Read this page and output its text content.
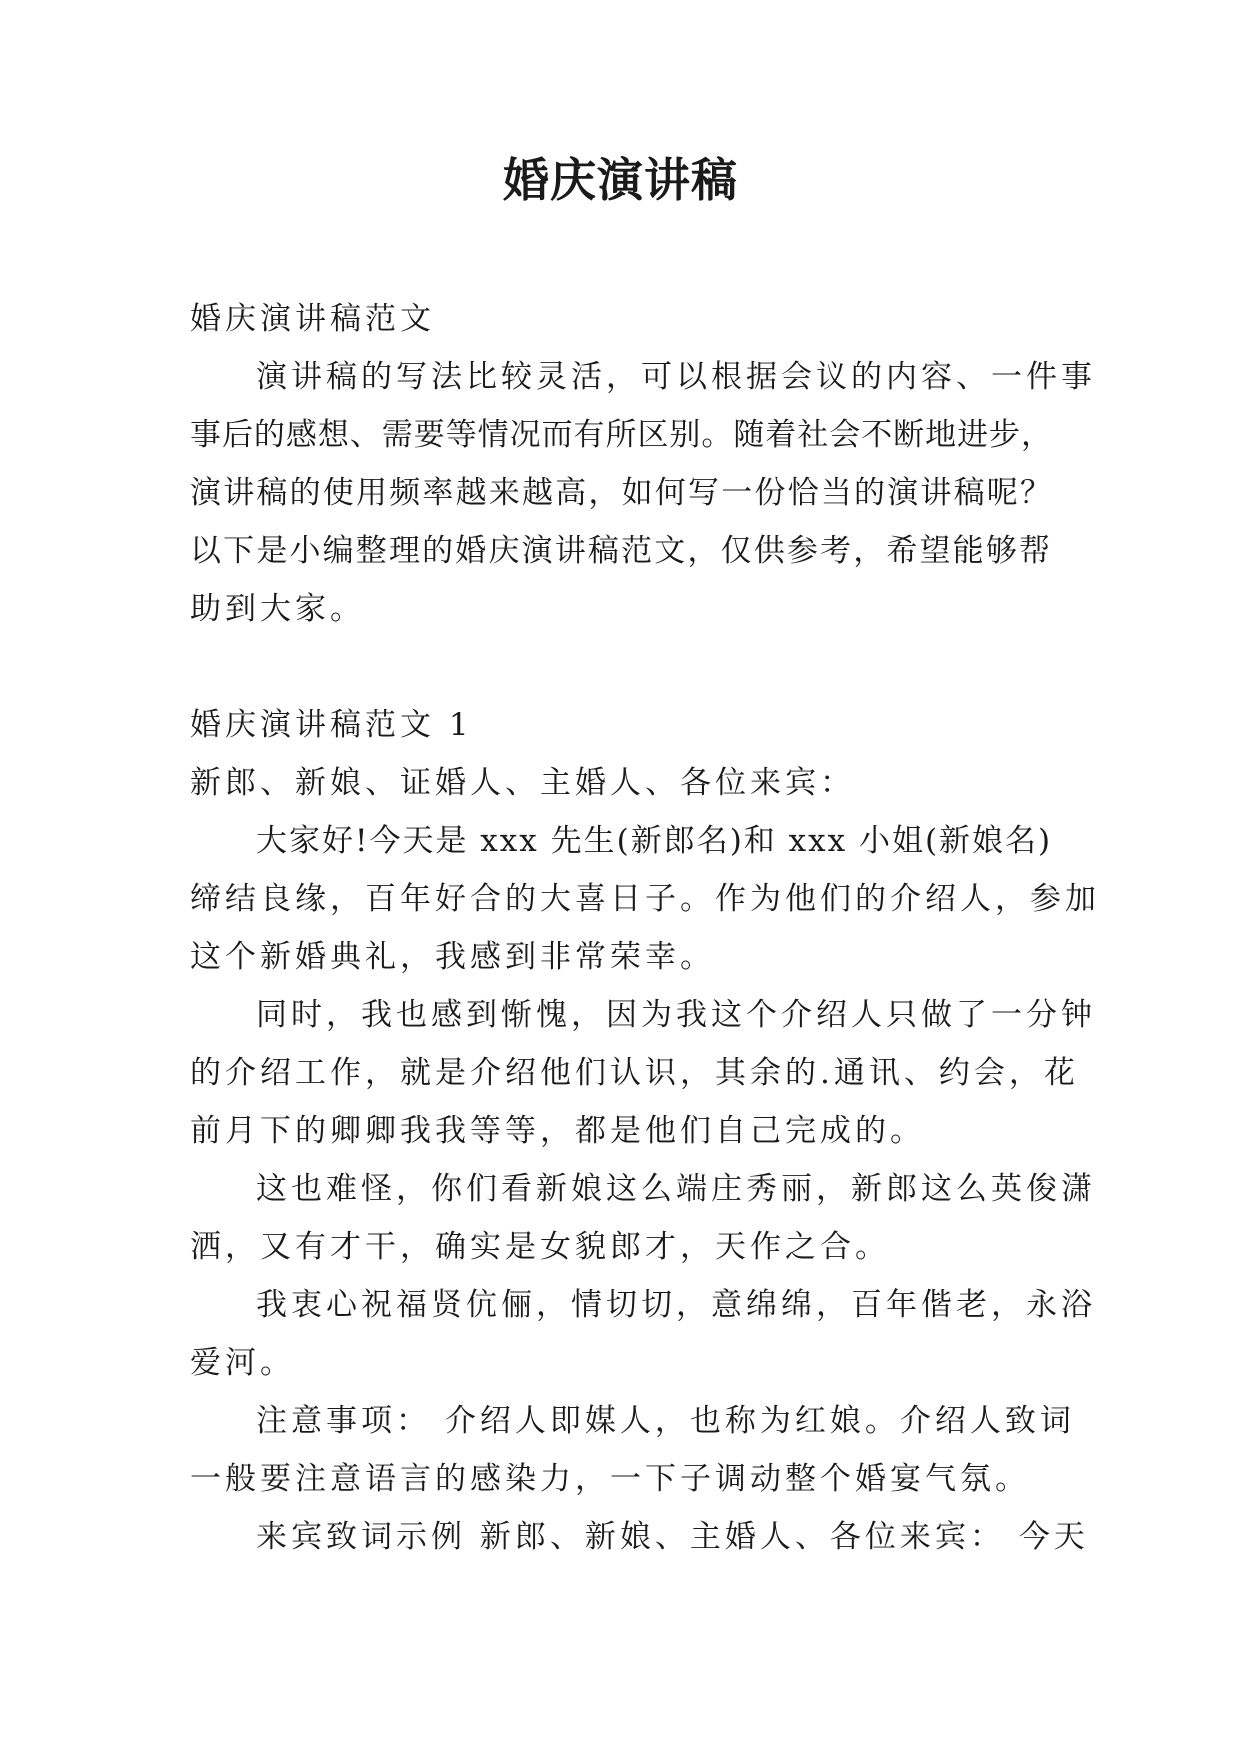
婚庆演讲稿

婚庆演讲稿范文

演讲稿的写法比较灵活，可以根据会议的内容、一件事

事后的感想、需要等情况而有所区别。随着社会不断地进步，

演讲稿的使用频率越来越高，如何写一份恰当的演讲稿呢？

以下是小编整理的婚庆演讲稿范文，仅供参考，希望能够帮

助到大家。

婚庆演讲稿范文 1

新郎、新娘、证婚人、主婚人、各位来宾：

大家好!今天是 xxx 先生(新郎名)和 xxx 小姐(新娘名)

缔结良缘，百年好合的大喜日子。作为他们的介绍人，参加

这个新婚典礼，我感到非常荣幸。

同时，我也感到惭愧，因为我这个介绍人只做了一分钟

的介绍工作，就是介绍他们认识，其余的.通讯、约会，花

前月下的卿卿我我等等，都是他们自己完成的。

这也难怪，你们看新娘这么端庄秀丽，新郎这么英俊潇

洒，又有才干，确实是女貌郎才，天作之合。

我衷心祝福贤伉俪，情切切，意绵绵，百年偕老，永浴

爱河。

注意事项： 介绍人即媒人，也称为红娘。介绍人致词

一般要注意语言的感染力，一下子调动整个婚宴气氛。

来宾致词示例 新郎、新娘、主婚人、各位来宾： 今天
